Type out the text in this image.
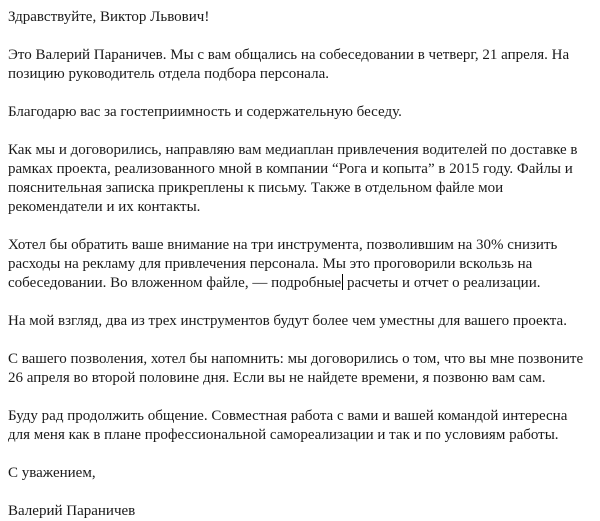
Здравствуйте, Виктор Львович!

Это Валерий Параничев. Мы с вам общались на собеседовании в четверг, 21 апреля. На
позицию руководитель отдела подбора персонала.

Благодарю вас за гостеприимность и содержательную беседу.

Как мы и договорились, направляю вам медиаплан привлечения водителей по доставке в
рамках проекта, реализованного мной в компании “Рога и копыта” в 2015 году. Файлы и
пояснительная записка прикреплены к письму. Также в отдельном файле мои
рекомендатели и их контакты.

Хотел бы обратить ваше внимание на три инструмента, позволившим на 30% снизить
расходы на рекламу для привлечения персонала. Мы это проговорили вскользь на
собеседовании. Во вложенном файле, — подробные расчеты и отчет о реализации.

На мой взгляд, два из трех инструментов будут более чем уместны для вашего проекта.

С вашего позволения, хотел бы напомнить: мы договорились о том, что вы мне позвоните
26 апреля во второй половине дня. Если вы не найдете времени, я позвоню вам сам.

Буду рад продолжить общение. Совместная работа с вами и вашей командой интересна
для меня как в плане профессиональной самореализации и так и по условиям работы.

С уважением,

Валерий Параничев
